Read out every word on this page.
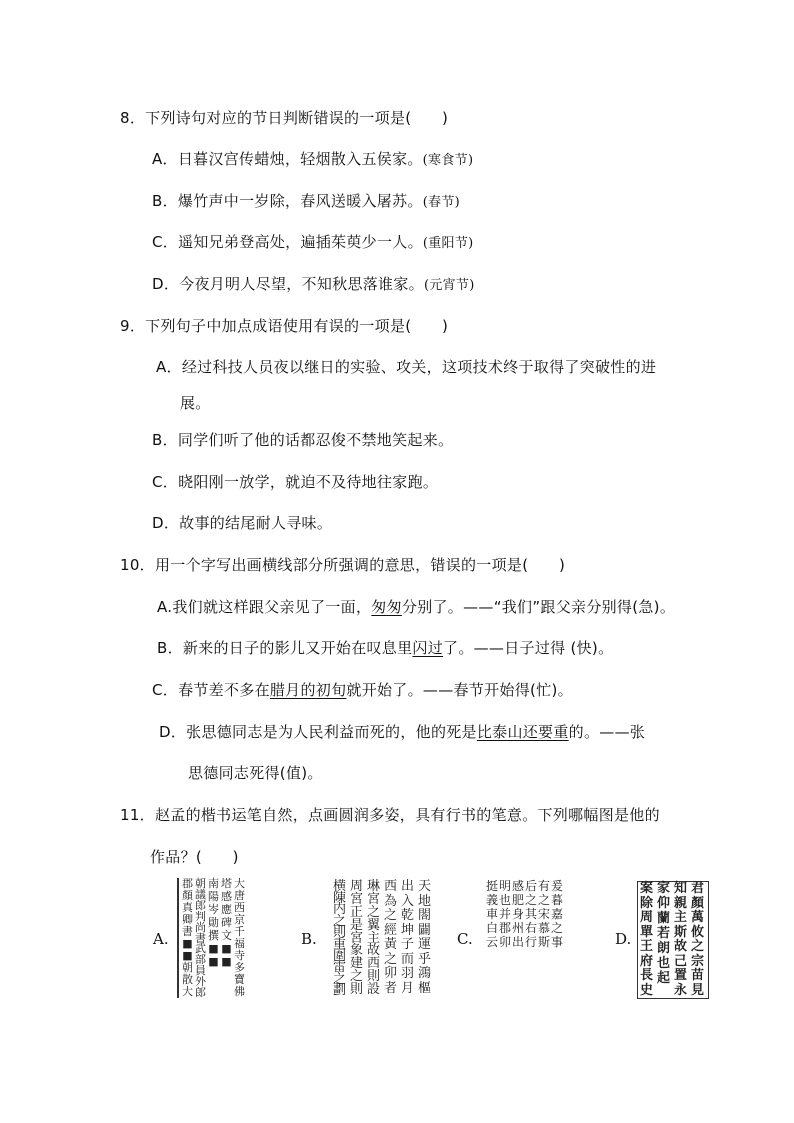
8．下列诗句对应的节日判断错误的一项是(　　)
A．日暮汉宫传蜡烛，轻烟散入五侯家。(寒食节)
B．爆竹声中一岁除，春风送暖入屠苏。(春节)
C．遥知兄弟登高处，遍插茱萸少一人。(重阳节)
D．今夜月明人尽望，不知秋思落谁家。(元宵节)
9．下列句子中加点成语使用有误的一项是(　　)
A．经过科技人员夜以继日的实验、攻关，这项技术终于取得了突破性的进
展。
B．同学们听了他的话都忍俊不禁地笑起来。
C．晓阳刚一放学，就迫不及待地往家跑。
D．故事的结尾耐人寻味。
10．用一个字写出画横线部分所强调的意思，错误的一项是(　　)
A.我们就这样跟父亲见了一面，匆匆分别了。——“我们”跟父亲分别得(急)。
B．新来的日子的影儿又开始在叹息里闪过了。——日子过得 (快)。
C．春节差不多在腊月的初旬就开始了。——春节开始得(忙)。
D．张思德同志是为人民利益而死的，他的死是比泰山还要重的。——张
思德同志死得(值)。
11．赵孟的楷书运笔自然，点画圆润多姿，具有行书的笔意。下列哪幅图是他的
作品？(　　)
A.	B.	C.	D.
大
唐
西
京
千
福
寺
多
寶
佛
塔
感
應
碑
文
■
■
南
陽
岑
勛
撰
■
■
朝
議
郎
判
尚
書
武
部
員
外
郎
郡
顏
真
卿
書
■
■
朝
散
大
天
地
閤
闢
運
乎
鴻
樞
出
入
乾
坤
子
而
羽
月
西
為
之
經
黃
之
卯
者
琳
宮
之
翼
主
故
西
則
設
周
宮
正
是
宮
象
建
之
則
横
陳
内
之
則
重
圍
雷
之
劃
爰
暮
嘉
之
事
有
之
宋
慕
斯
后
之
其
右
行
感
肥
身
州
出
明
也
并
郡
卯
挺
義
車
白
云
君
顏
萬
攸
之
宗
苗
見
知
親
主
斯
故
己
置
永
家
仰
蘭
若
朗
也
起
案
除
周
單
王
府
長
史
